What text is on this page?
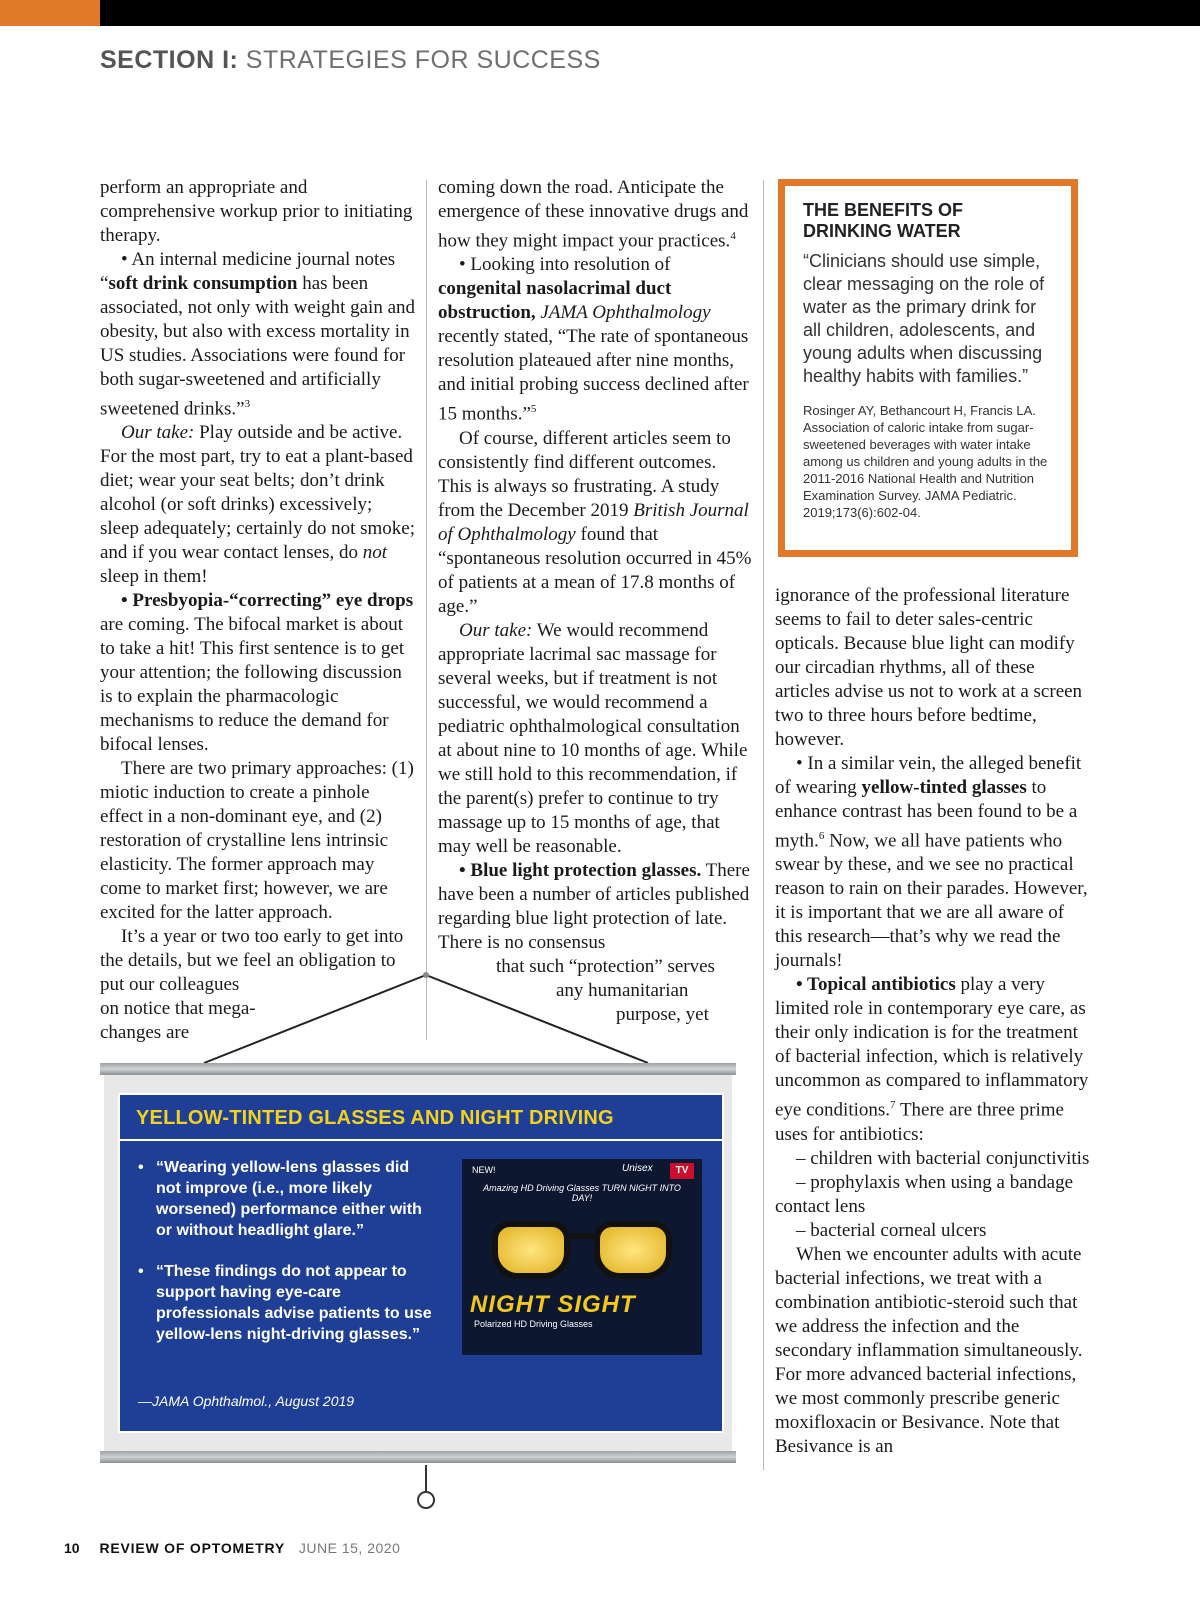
SECTION I: STRATEGIES FOR SUCCESS

perform an appropriate and comprehensive workup prior to initiating therapy.

• An internal medicine journal notes “soft drink consumption has been associated, not only with weight gain and obesity, but also with excess mortality in US studies. Associations were found for both sugar-sweetened and artificially sweetened drinks.”$^3$

Our take: Play outside and be active. For the most part, try to eat a plant-based diet; wear your seat belts; don’t drink alcohol (or soft drinks) excessively; sleep adequately; certainly do not smoke; and if you wear contact lenses, do not sleep in them!

• Presbyopia-“correcting” eye drops are coming. The bifocal market is about to take a hit! This first sentence is to get your attention; the following discussion is to explain the pharmacologic mechanisms to reduce the demand for bifocal lenses.

There are two primary approaches: (1) miotic induction to create a pinhole effect in a non-dominant eye, and (2) restoration of crystalline lens intrinsic elasticity. The former approach may come to market first; however, we are excited for the latter approach.

It’s a year or two too early to get into the details, but we feel an obligation to put our colleagues

on notice that mega-

changes are

coming down the road. Anticipate the emergence of these innovative drugs and how they might impact your practices.$^4$

• Looking into resolution of congenital nasolacrimal duct obstruction, JAMA Ophthalmology recently stated, “The rate of spontaneous resolution plateaued after nine months, and initial probing success declined after 15 months.”$^5$

Of course, different articles seem to consistently find different outcomes. This is always so frustrating. A study from the December 2019 British Journal of Ophthalmology found that “spontaneous resolution occurred in 45% of patients at a mean of 17.8 months of age.”

Our take: We would recommend appropriate lacrimal sac massage for several weeks, but if treatment is not successful, we would recommend a pediatric ophthalmological consultation at about nine to 10 months of age. While we still hold to this recommendation, if the parent(s) prefer to continue to try massage up to 15 months of age, that may well be reasonable.

• Blue light protection glasses. There have been a number of articles published regarding blue light protection of late. There is no consensus

that such “protection” serves

any humanitarian

purpose, yet

THE BENEFITS OF DRINKING WATER

“Clinicians should use simple, clear messaging on the role of water as the primary drink for all children, adolescents, and young adults when discussing healthy habits with families.”

Rosinger AY, Bethancourt H, Francis LA. Association of caloric intake from sugar-sweetened beverages with water intake among us children and young adults in the 2011-2016 National Health and Nutrition Examination Survey. JAMA Pediatric. 2019;173(6):602-04.

ignorance of the professional literature seems to fail to deter sales-centric opticals. Because blue light can modify our circadian rhythms, all of these articles advise us not to work at a screen two to three hours before bedtime, however.

• In a similar vein, the alleged benefit of wearing yellow-tinted glasses to enhance contrast has been found to be a myth.$^6$ Now, we all have patients who swear by these, and we see no practical reason to rain on their parades. However, it is important that we are all aware of this research—that’s why we read the journals!

• Topical antibiotics play a very limited role in contemporary eye care, as their only indication is for the treatment of bacterial infection, which is relatively uncommon as compared to inflammatory eye conditions.$^7$ There are three prime uses for antibiotics:

– children with bacterial conjunctivitis

– prophylaxis when using a bandage contact lens

– bacterial corneal ulcers

When we encounter adults with acute bacterial infections, we treat with a combination antibiotic-steroid such that we address the infection and the secondary inflammation simultaneously. For more advanced bacterial infections, we most commonly prescribe generic moxifloxacin or Besivance. Note that Besivance is an

YELLOW-TINTED GLASSES AND NIGHT DRIVING
• “Wearing yellow-lens glasses did not improve (i.e., more likely worsened) performance either with or without headlight glare.”
• “These findings do not appear to support having eye-care professionals advise patients to use yellow-lens night-driving glasses.”
—JAMA Ophthalmol., August 2019
NEW!	Unisex	TV
Amazing HD Driving Glasses TURN NIGHT INTO DAY!
NIGHT SIGHT
Polarized HD Driving Glasses
10 REVIEW OF OPTOMETRY JUNE 15, 2020
